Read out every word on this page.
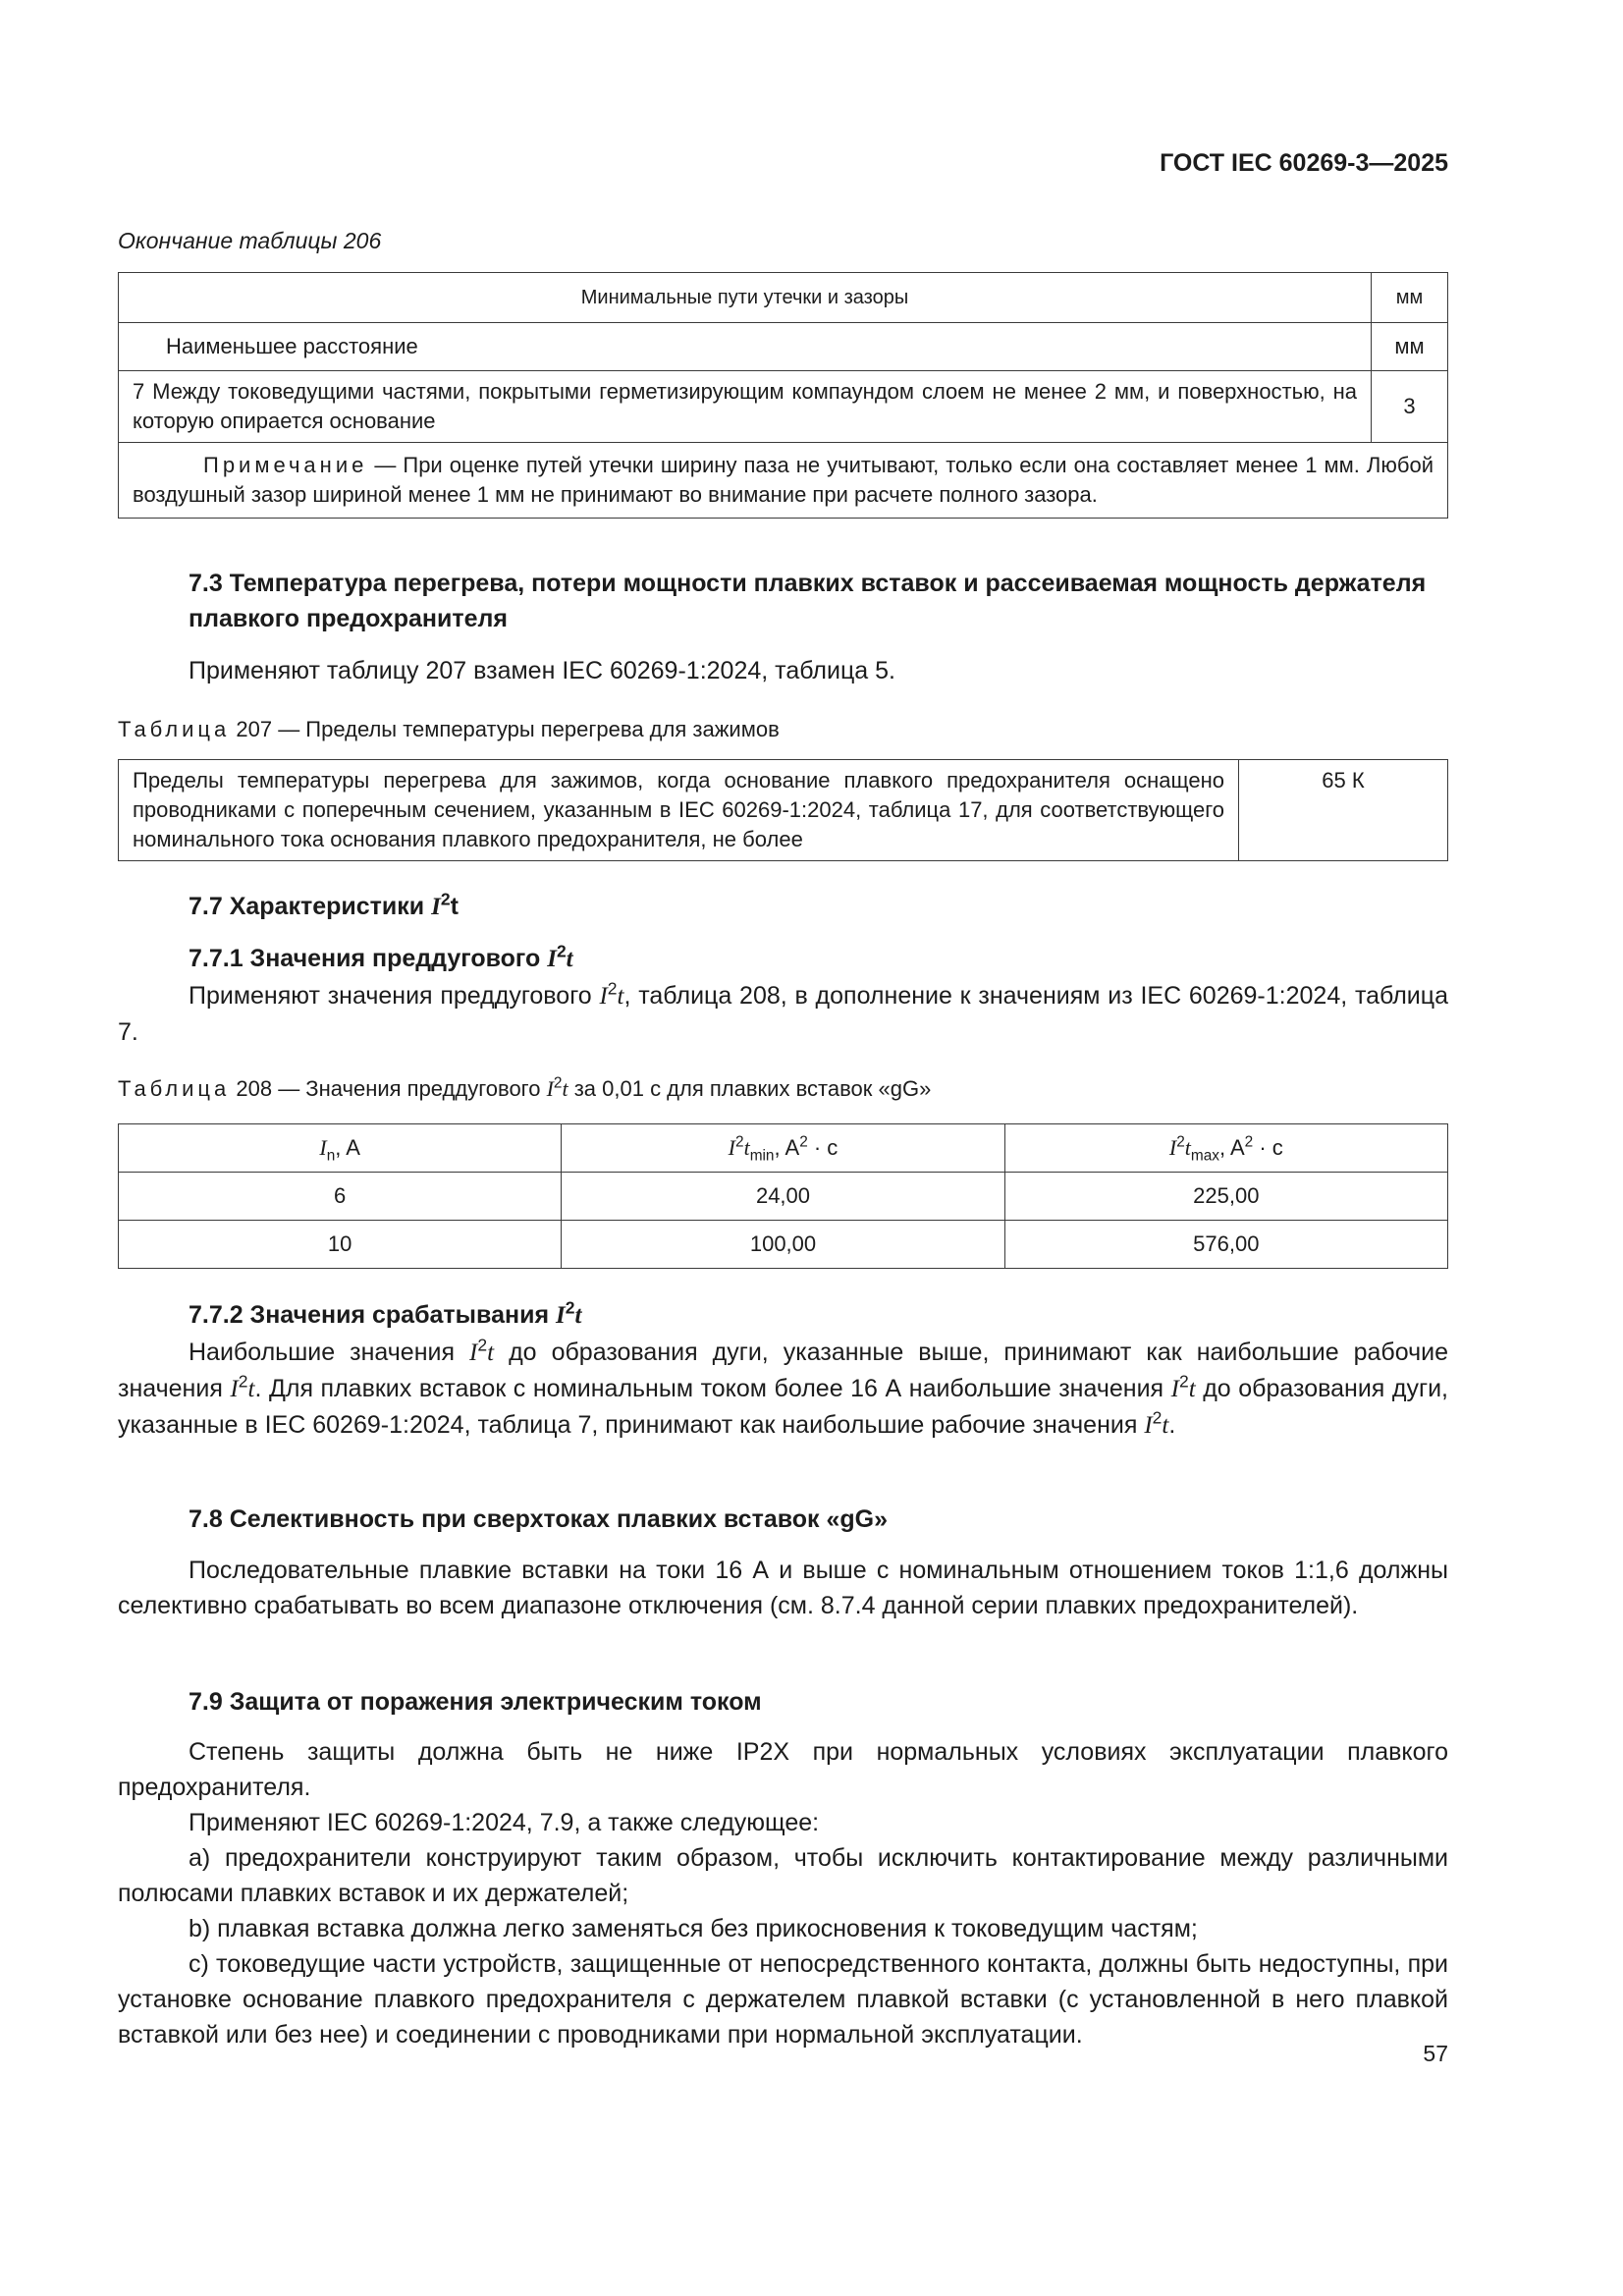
ГОСТ IEC 60269-3—2025
Окончание таблицы 206
Минимальные пути утечки и зазоры	мм
Наименьшее расстояние	мм
7 Между токоведущими частями, покрытыми герметизирующим компаундом слоем не менее 2 мм, и поверхностью, на которую опирается основание	3
Примечание — При оценке путей утечки ширину паза не учитывают, только если она составляет менее 1 мм. Любой воздушный зазор шириной менее 1 мм не принимают во внимание при расчете полного зазора.	
7.3 Температура перегрева, потери мощности плавких вставок и рассеиваемая мощность держателя плавкого предохранителя
Применяют таблицу 207 взамен IEC 60269-1:2024, таблица 5.
Таблица 207 — Пределы температуры перегрева для зажимов
Пределы температуры перегрева для зажимов, когда основание плавкого предохранителя оснащено проводниками с поперечным сечением, указанным в IEC 60269-1:2024, таблица 17, для соответствующего номинального тока основания плавкого предохранителя, не более	65 К
7.7 Характеристики $I^2t$
7.7.1 Значения преддугового $I^2t$
Применяют значения преддугового $I^2t$, таблица 208, в дополнение к значениям из IEC 60269-1:2024, таблица 7.
Таблица 208 — Значения преддугового $I^2t$ за 0,01 с для плавких вставок «gG»
$I_n$, A	$I^2t_{min}$, $A^2 \cdot c$	$I^2t_{max}$, $A^2 \cdot c$
6	24,00	225,00
10	100,00	576,00
7.7.2 Значения срабатывания $I^2t$
Наибольшие значения $I^2t$ до образования дуги, указанные выше, принимают как наибольшие рабочие значения $I^2t$. Для плавких вставок с номинальным током более 16 А наибольшие значения $I^2t$ до образования дуги, указанные в IEC 60269-1:2024, таблица 7, принимают как наибольшие рабочие значения $I^2t$.
7.8 Селективность при сверхтоках плавких вставок «gG»
Последовательные плавкие вставки на токи 16 А и выше с номинальным отношением токов 1:1,6 должны селективно срабатывать во всем диапазоне отключения (см. 8.7.4 данной серии плавких предохранителей).
7.9 Защита от поражения электрическим током
Степень защиты должна быть не ниже IP2X при нормальных условиях эксплуатации плавкого предохранителя.
Применяют IEC 60269-1:2024, 7.9, а также следующее:
a) предохранители конструируют таким образом, чтобы исключить контактирование между различными полюсами плавких вставок и их держателей;
b) плавкая вставка должна легко заменяться без прикосновения к токоведущим частям;
c) токоведущие части устройств, защищенные от непосредственного контакта, должны быть недоступны, при установке основание плавкого предохранителя с держателем плавкой вставки (с установленной в него плавкой вставкой или без нее) и соединении с проводниками при нормальной эксплуатации.
57
